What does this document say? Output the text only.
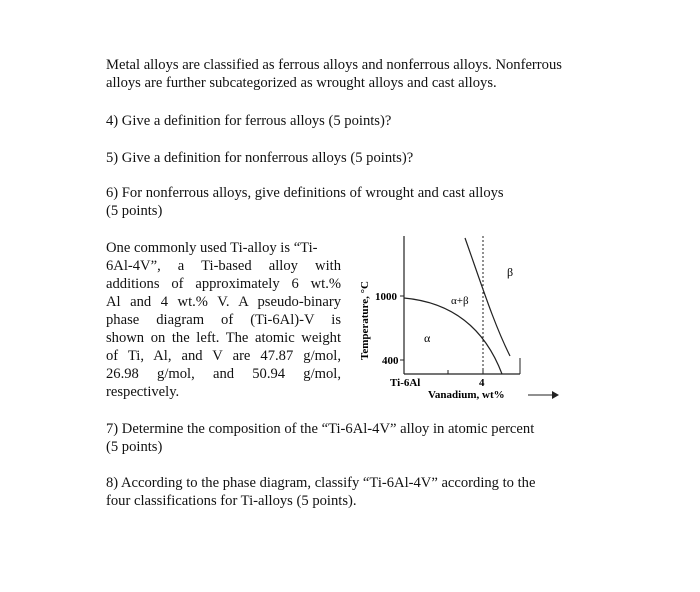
Metal alloys are classified as ferrous alloys and nonferrous alloys. Nonferrous
alloys are further subcategorized as wrought alloys and cast alloys.

4) Give a definition for ferrous alloys (5 points)?

5) Give a definition for nonferrous alloys (5 points)?

6) For nonferrous alloys, give definitions of wrought and cast alloys
(5 points)

One commonly used Ti-alloy is “Ti-
6Al-4V”, a Ti-based alloy with
additions of approximately 6 wt.%
Al and 4 wt.% V. A pseudo-binary
phase diagram of (Ti-6Al)-V is
shown on the left. The atomic weight
of Ti, Al, and V are 47.87 g/mol,
26.98 g/mol, and 50.94 g/mol,
respectively.

Temperature, °C 1000
400
β
α+β
α
Ti-6Al	4
Vanadium, wt%

7) Determine the composition of the “Ti-6Al-4V” alloy in atomic percent
(5 points)

8) According to the phase diagram, classify “Ti-6Al-4V” according to the
four classifications for Ti-alloys (5 points).
